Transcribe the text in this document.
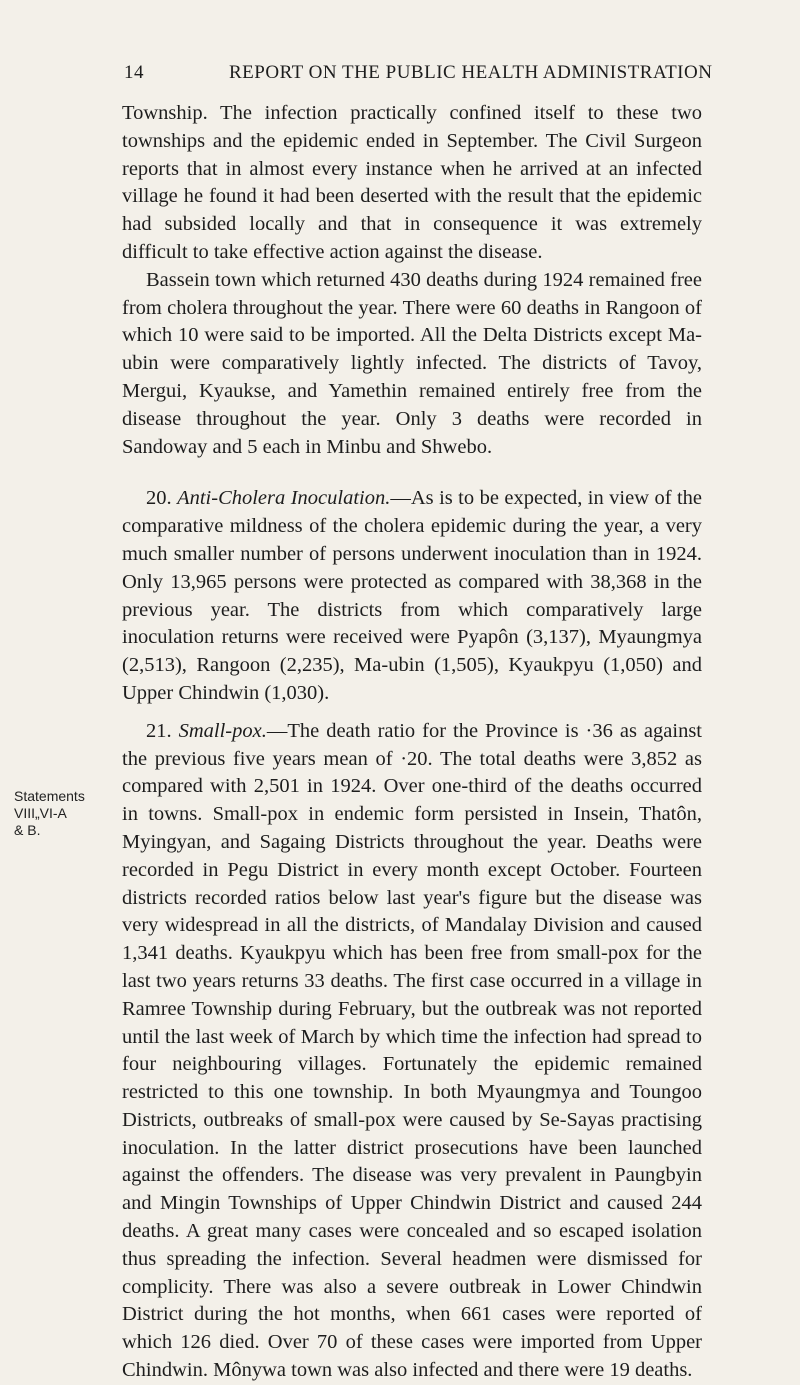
14	REPORT ON THE PUBLIC HEALTH ADMINISTRATION
Statements
VIII„VI-A
& B.

Township. The infection practically confined itself to these two townships and the epidemic ended in September. The Civil Surgeon reports that in almost every instance when he arrived at an infected village he found it had been deserted with the result that the epidemic had subsided locally and that in consequence it was extremely difficult to take effective action against the disease.

Bassein town which returned 430 deaths during 1924 remained free from cholera throughout the year. There were 60 deaths in Rangoon of which 10 were said to be imported. All the Delta Districts except Ma-ubin were comparatively lightly infected. The districts of Tavoy, Mergui, Kyaukse, and Yamethin remained entirely free from the disease throughout the year. Only 3 deaths were recorded in Sandoway and 5 each in Minbu and Shwebo.

20. Anti-Cholera Inoculation.—As is to be expected, in view of the comparative mildness of the cholera epidemic during the year, a very much smaller number of persons underwent inoculation than in 1924. Only 13,965 persons were protected as compared with 38,368 in the previous year. The districts from which comparatively large inoculation returns were received were Pyapôn (3,137), Myaungmya (2,513), Rangoon (2,235), Ma-ubin (1,505), Kyaukpyu (1,050) and Upper Chindwin (1,030).

21. Small-pox.—The death ratio for the Province is ·36 as against the previous five years mean of ·20. The total deaths were 3,852 as compared with 2,501 in 1924. Over one-third of the deaths occurred in towns. Small-pox in endemic form persisted in Insein, Thatôn, Myingyan, and Sagaing Districts throughout the year. Deaths were recorded in Pegu District in every month except October. Fourteen districts recorded ratios below last year's figure but the disease was very widespread in all the districts, of Mandalay Division and caused 1,341 deaths. Kyaukpyu which has been free from small-pox for the last two years returns 33 deaths. The first case occurred in a village in Ramree Township during February, but the outbreak was not reported until the last week of March by which time the infection had spread to four neighbouring villages. Fortunately the epidemic remained restricted to this one township. In both Myaungmya and Toungoo Districts, outbreaks of small-pox were caused by Se-Sayas practising inoculation. In the latter district prosecutions have been launched against the offenders. The disease was very prevalent in Paungbyin and Mingin Townships of Upper Chindwin District and caused 244 deaths. A great many cases were concealed and so escaped isolation thus spreading the infection. Several headmen were dismissed for complicity. There was also a severe outbreak in Lower Chindwin District during the hot months, when 661 cases were reported of which 126 died. Over 70 of these cases were imported from Upper Chindwin. Mônywa town was also infected and there were 19 deaths.
